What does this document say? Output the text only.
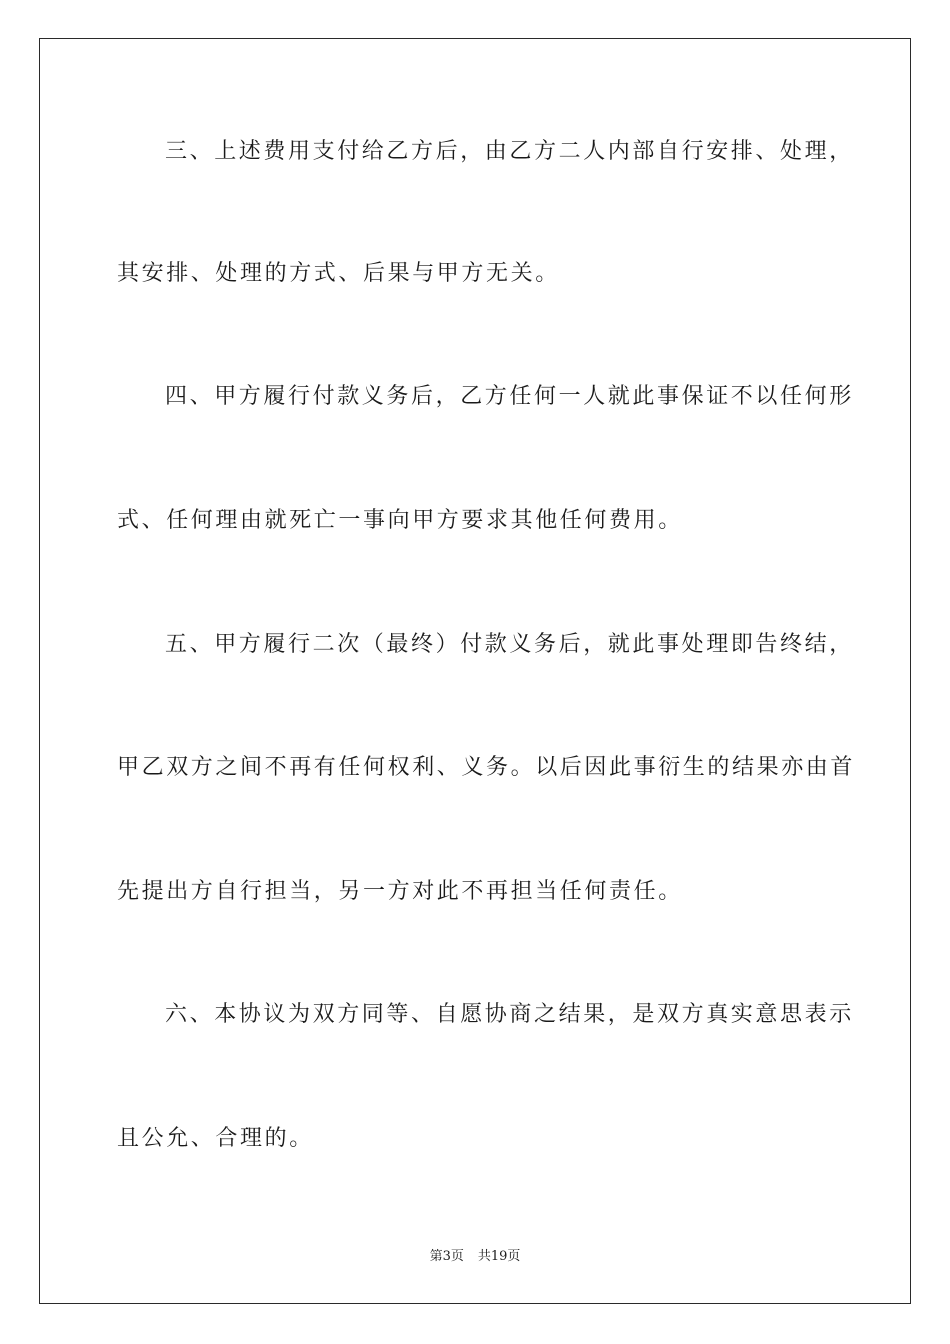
三、上述费用支付给乙方后，由乙方二人内部自行安排、处理，
其安排、处理的方式、后果与甲方无关。
四、甲方履行付款义务后，乙方任何一人就此事保证不以任何形
式、任何理由就死亡一事向甲方要求其他任何费用。
五、甲方履行二次（最终）付款义务后，就此事处理即告终结，
甲乙双方之间不再有任何权利、义务。以后因此事衍生的结果亦由首
先提出方自行担当，另一方对此不再担当任何责任。
六、本协议为双方同等、自愿协商之结果，是双方真实意思表示
且公允、合理的。
第3页 共19页
